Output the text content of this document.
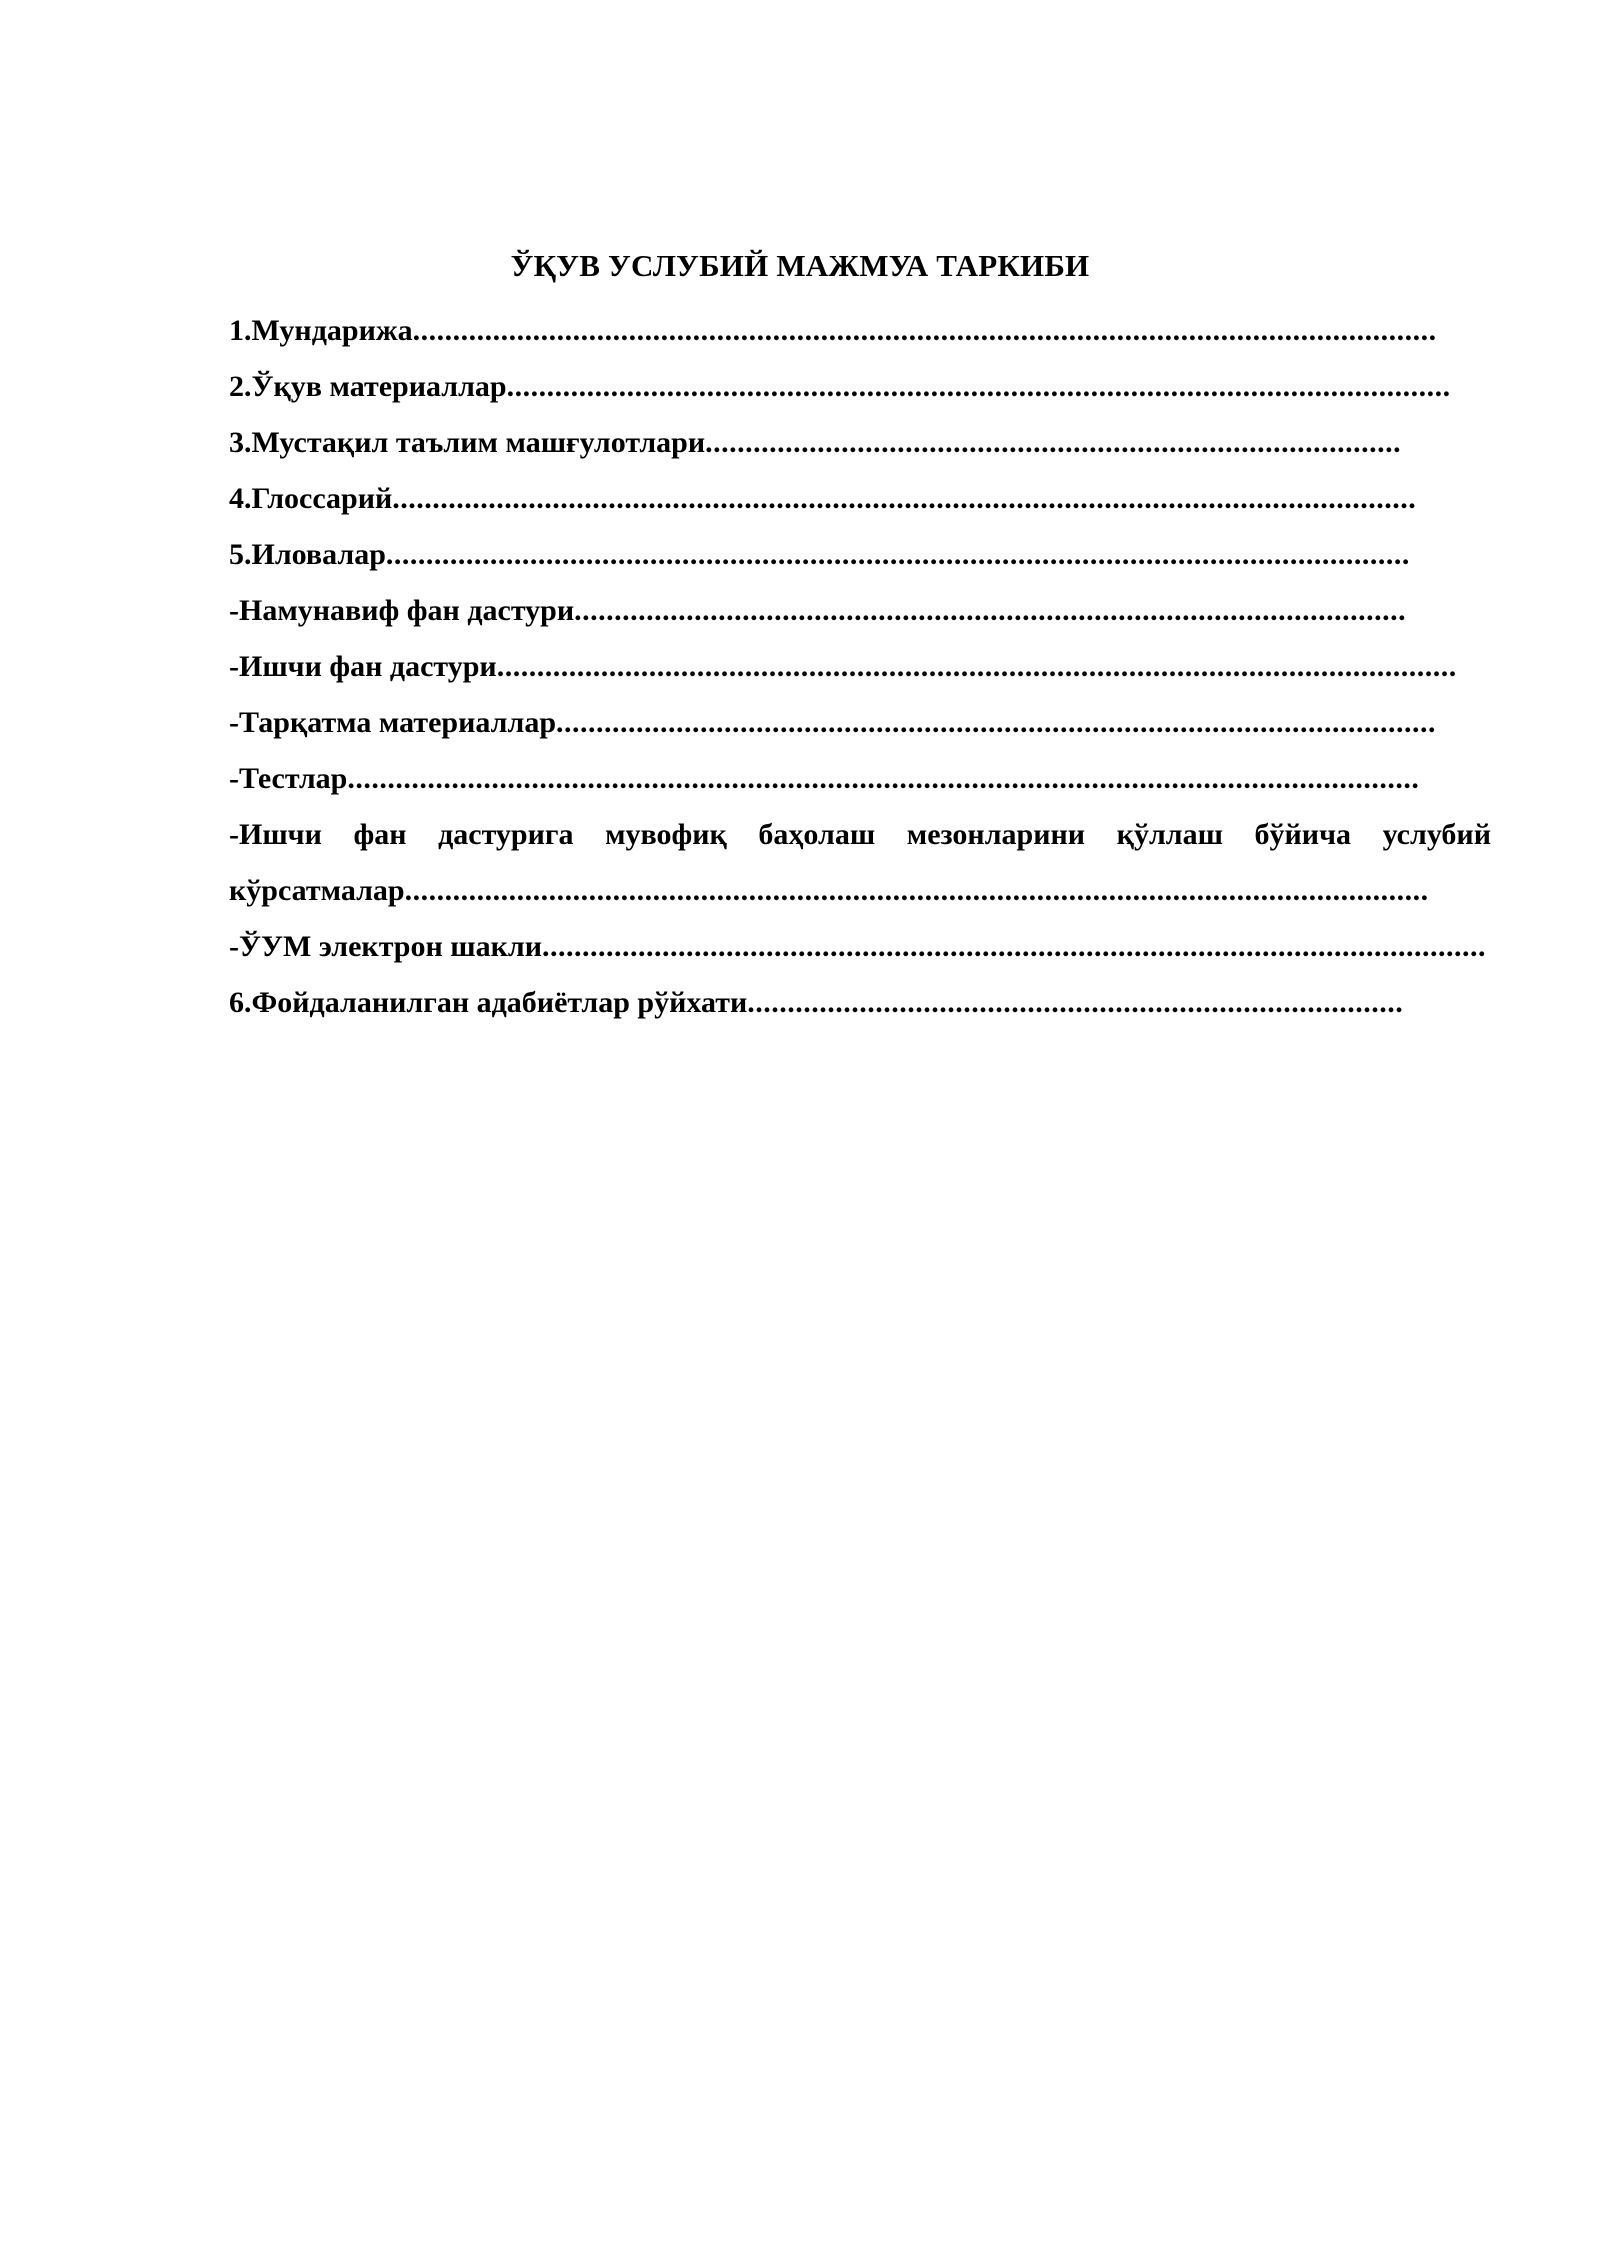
ЎҚУВ УСЛУБИЙ МАЖМУА ТАРКИБИ
1.Мундарижа................................................................................................................................
2.Ўқув материаллар......................................................................................................................
3.Мустақил таълим машғулотлари.......................................................................................
4.Глоссарий................................................................................................................................
5.Иловалар................................................................................................................................
-Намунавиф фан дастури........................................................................................................
-Ишчи фан дастури........................................................................................................................
-Тарқатма материаллар..............................................................................................................
-Тестлар......................................................................................................................................
-Ишчи фан дастурига мувофиқ баҳолаш мезонларини қўллаш бўйича услубий
кўрсатмалар................................................................................................................................
-ЎУМ электрон шакли......................................................................................................................
6.Фойдаланилган адабиётлар рўйхати..................................................................................
